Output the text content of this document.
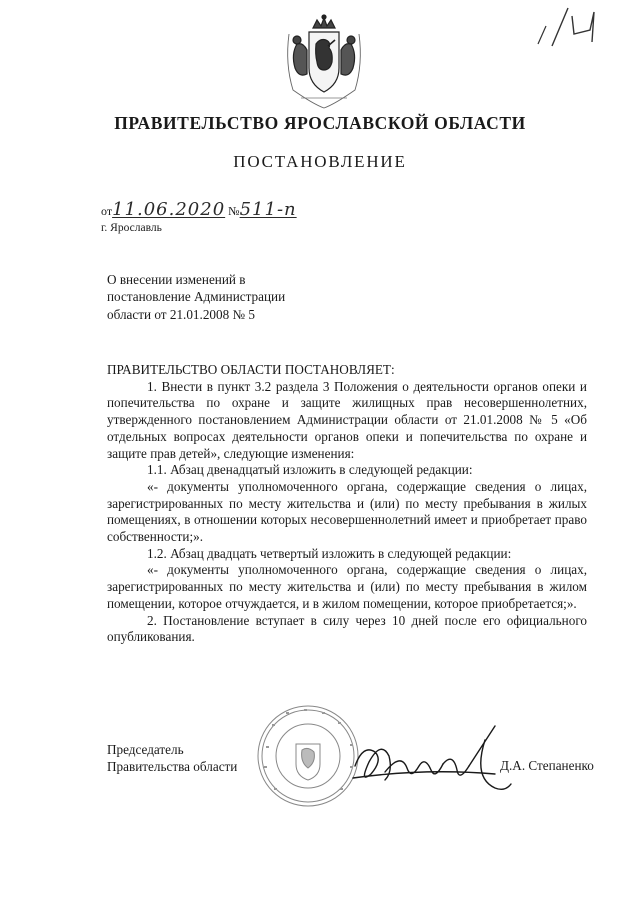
14
ПРАВИТЕЛЬСТВО ЯРОСЛАВСКОЙ ОБЛАСТИ
ПОСТАНОВЛЕНИЕ
от11.06.2020 №511-п
г. Ярославль
О внесении изменений в
постановление Администрации
области от 21.01.2008 № 5

ПРАВИТЕЛЬСТВО ОБЛАСТИ ПОСТАНОВЛЯЕТ:

1. Внести в пункт 3.2 раздела 3 Положения о деятельности органов опеки и попечительства по охране и защите жилищных прав несовершеннолетних, утвержденного постановлением Администрации области от 21.01.2008 № 5 «Об отдельных вопросах деятельности органов опеки и попечительства по охране и защите прав детей», следующие изменения:

1.1. Абзац двенадцатый изложить в следующей редакции:

«- документы уполномоченного органа, содержащие сведения о лицах, зарегистрированных по месту жительства и (или) по месту пребывания в жилых помещениях, в отношении которых несовершеннолетний имеет и приобретает право собственности;».

1.2. Абзац двадцать четвертый изложить в следующей редакции:

«- документы уполномоченного органа, содержащие сведения о лицах, зарегистрированных по месту жительства и (или) по месту пребывания в жилом помещении, которое отчуждается, и в жилом помещении, которое приобретается;».

2. Постановление вступает в силу через 10 дней после его официального опубликования.

Председатель
Правительства области	Д.А. Степаненко
